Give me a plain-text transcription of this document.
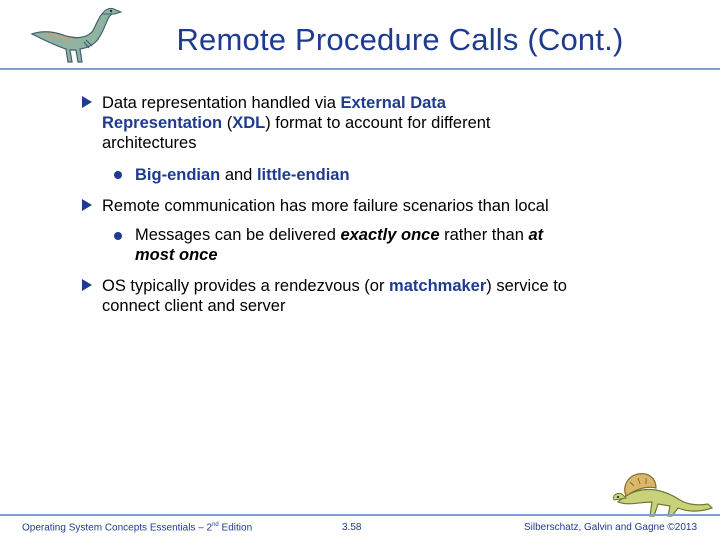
Remote Procedure Calls (Cont.)
Data representation handled via External Data Representation (XDL) format to account for different architectures
Big-endian and little-endian
Remote communication has more failure scenarios than local
Messages can be delivered exactly once rather than at most once
OS typically provides a rendezvous (or matchmaker) service to connect client and server
Operating System Concepts Essentials – 2nd Edition	3.58	Silberschatz, Galvin and Gagne ©2013
